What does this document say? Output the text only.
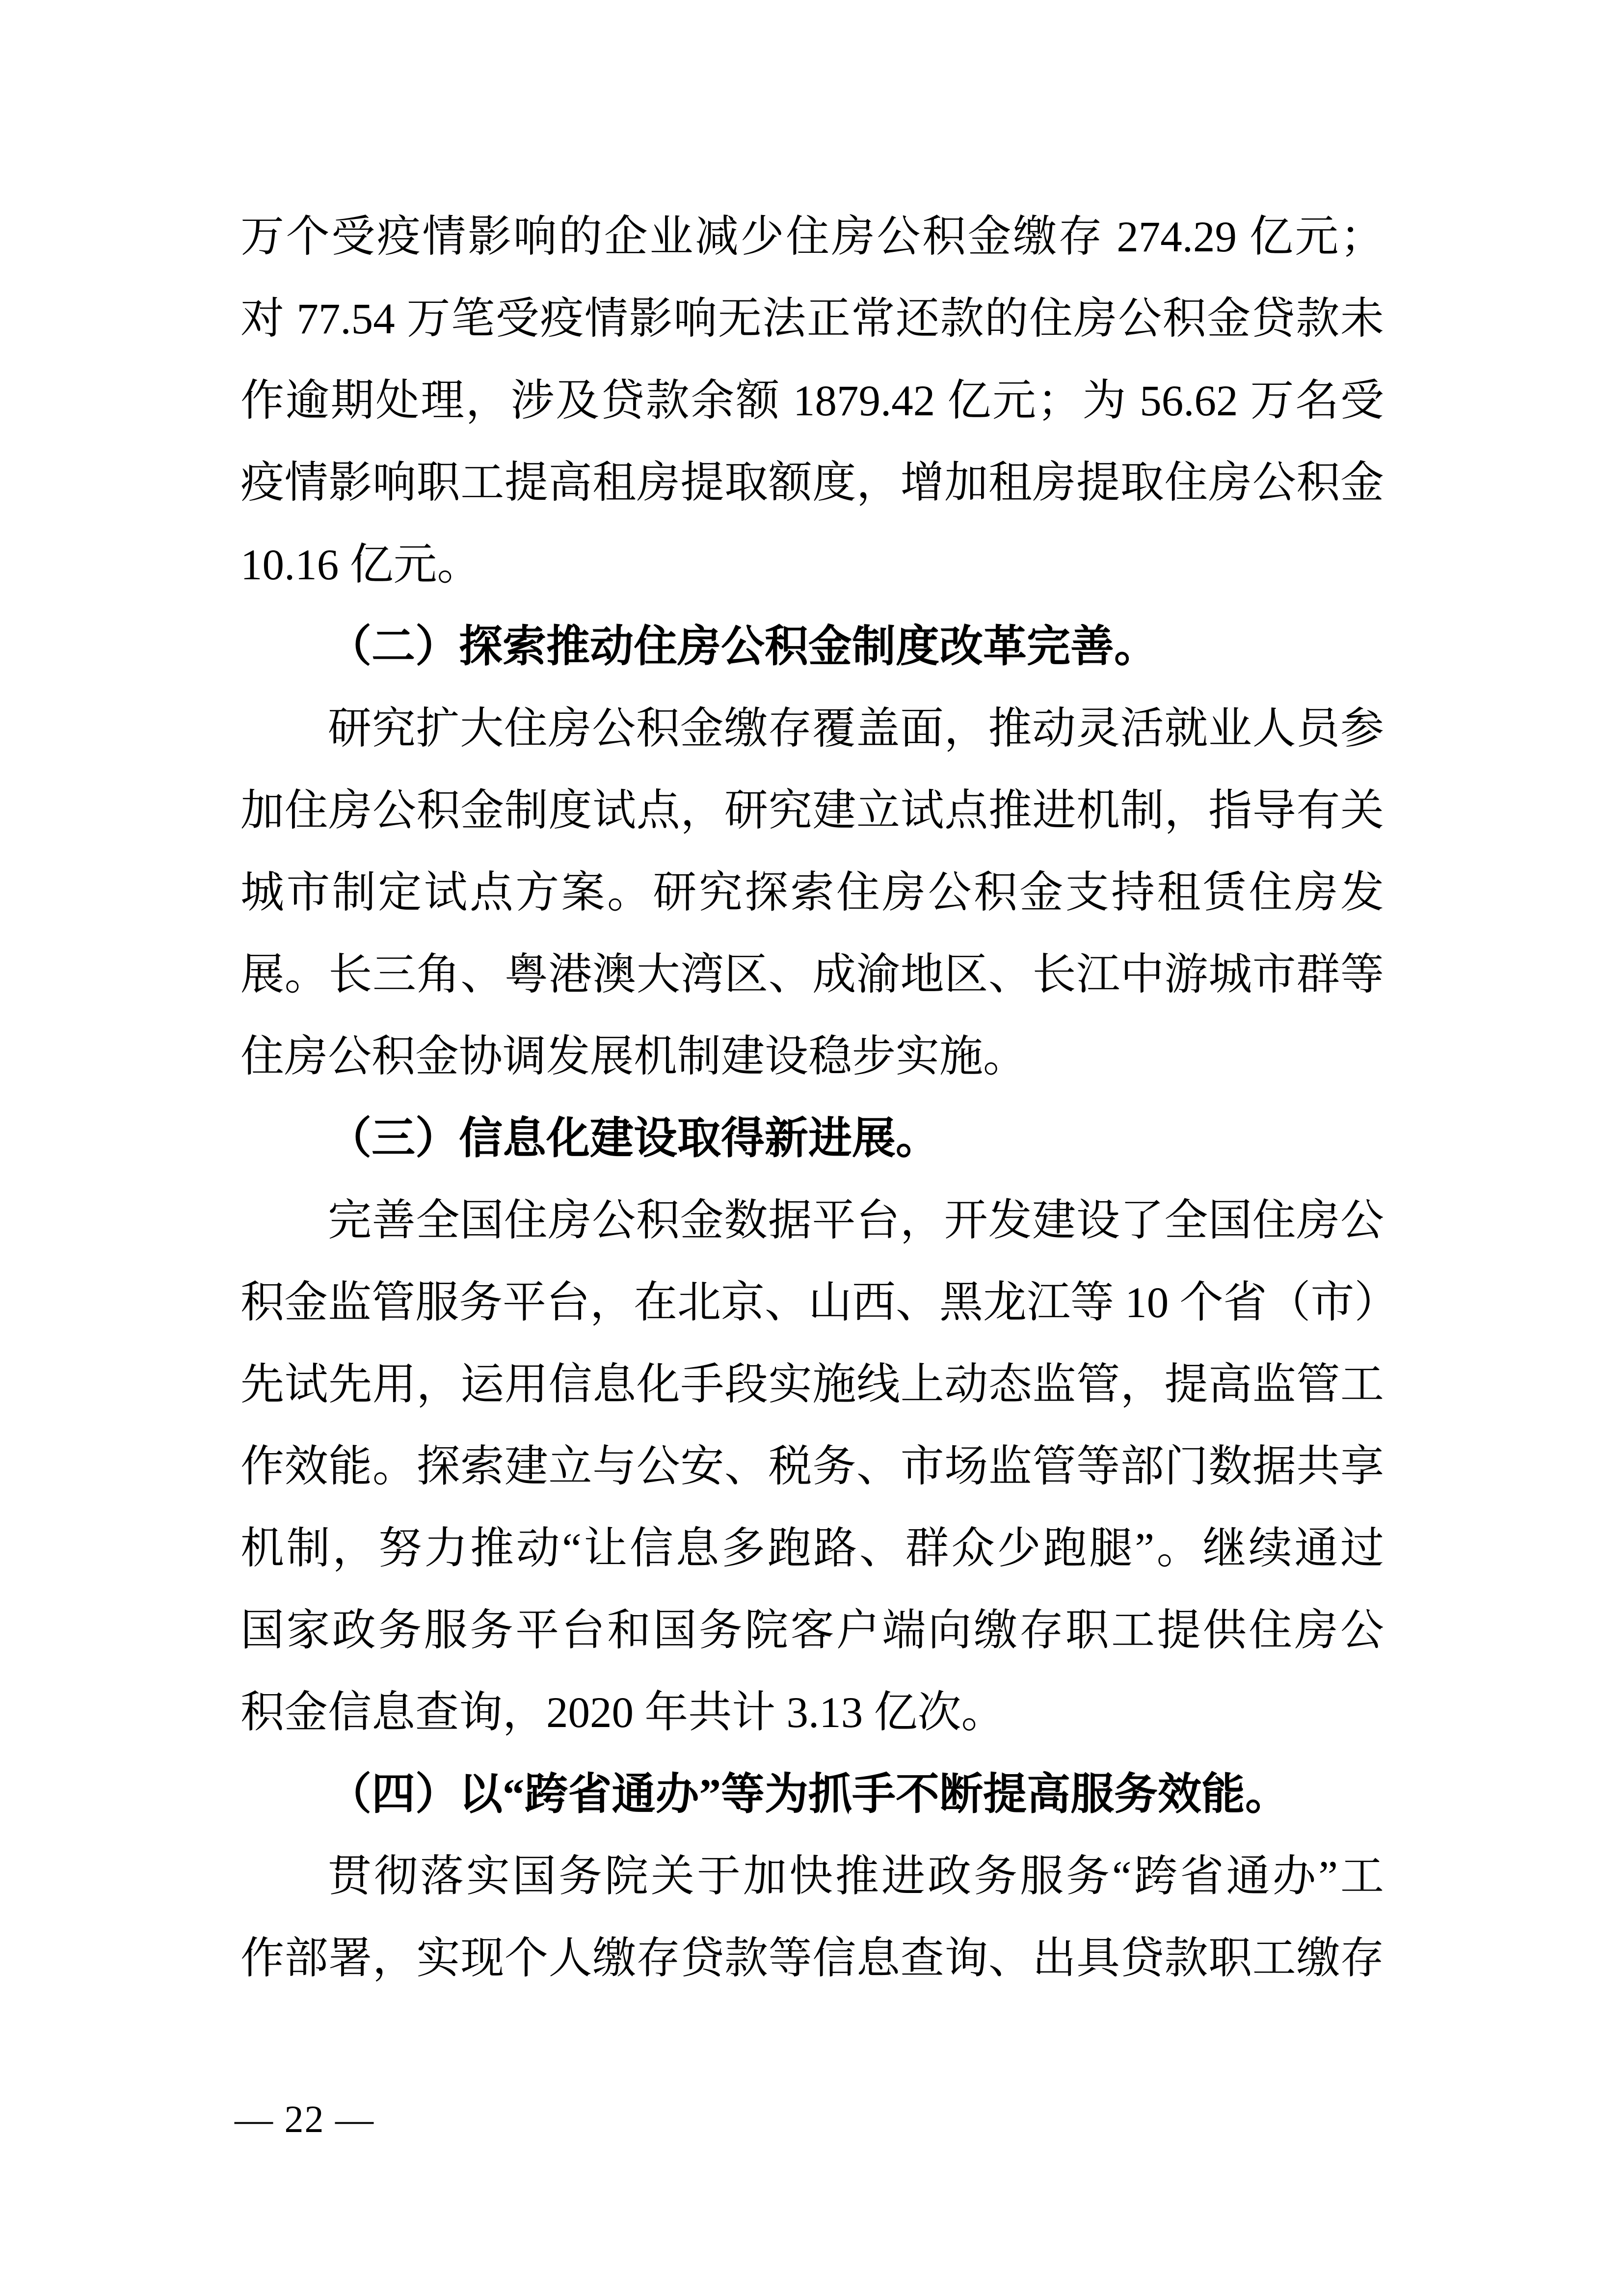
万个受疫情影响的企业减少住房公积金缴存 274.29 亿元；

对 77.54 万笔受疫情影响无法正常还款的住房公积金贷款未

作逾期处理，涉及贷款余额 1879.42 亿元；为 56.62 万名受

疫情影响职工提高租房提取额度，增加租房提取住房公积金

10.16 亿元。

（二）探索推动住房公积金制度改革完善。

研究扩大住房公积金缴存覆盖面，推动灵活就业人员参

加住房公积金制度试点，研究建立试点推进机制，指导有关

城市制定试点方案。研究探索住房公积金支持租赁住房发

展。长三角、粤港澳大湾区、成渝地区、长江中游城市群等

住房公积金协调发展机制建设稳步实施。

（三）信息化建设取得新进展。

完善全国住房公积金数据平台，开发建设了全国住房公

积金监管服务平台，在北京、山西、黑龙江等 10 个省（市）

先试先用，运用信息化手段实施线上动态监管，提高监管工

作效能。探索建立与公安、税务、市场监管等部门数据共享

机制，努力推动“让信息多跑路、群众少跑腿”。继续通过

国家政务服务平台和国务院客户端向缴存职工提供住房公

积金信息查询，2020 年共计 3.13 亿次。

（四）以“跨省通办”等为抓手不断提高服务效能。

贯彻落实国务院关于加快推进政务服务“跨省通办”工

作部署，实现个人缴存贷款等信息查询、出具贷款职工缴存

— 22 —
